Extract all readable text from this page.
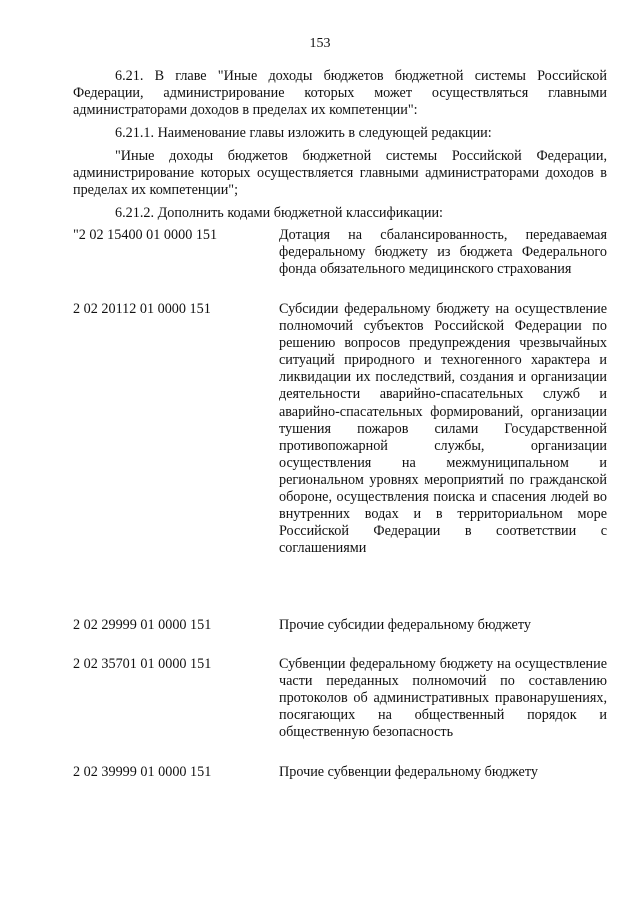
153

6.21. В главе "Иные доходы бюджетов бюджетной системы Российской Федерации, администрирование которых может осуществляться главными администраторами доходов в пределах их компетенции":

6.21.1. Наименование главы изложить в следующей редакции:

"Иные доходы бюджетов бюджетной системы Российской Федерации, администрирование которых осуществляется главными администраторами доходов в пределах их компетенции";

6.21.2. Дополнить кодами бюджетной классификации:

"2 02 15400 01 0000 151	Дотация на сбалансированность, передаваемая федеральному бюджету из бюджета Федерального фонда обязательного медицинского страхования
2 02 20112 01 0000 151	Субсидии федеральному бюджету на осуществление полномочий субъектов Российской Федерации по решению вопросов предупреждения чрезвычайных ситуаций природного и техногенного характера и ликвидации их последствий, создания и организации деятельности аварийно-спасательных служб и аварийно-спасательных формирований, организации тушения пожаров силами Государственной противопожарной службы, организации осуществления на межмуниципальном и региональном уровнях мероприятий по гражданской обороне, осуществления поиска и спасения людей во внутренних водах и в территориальном море Российской Федерации в соответствии с соглашениями
2 02 29999 01 0000 151	Прочие субсидии федеральному бюджету
2 02 35701 01 0000 151	Субвенции федеральному бюджету на осуществление части переданных полномочий по составлению протоколов об административных правонарушениях, посягающих на общественный порядок и общественную безопасность
2 02 39999 01 0000 151	Прочие субвенции федеральному бюджету
